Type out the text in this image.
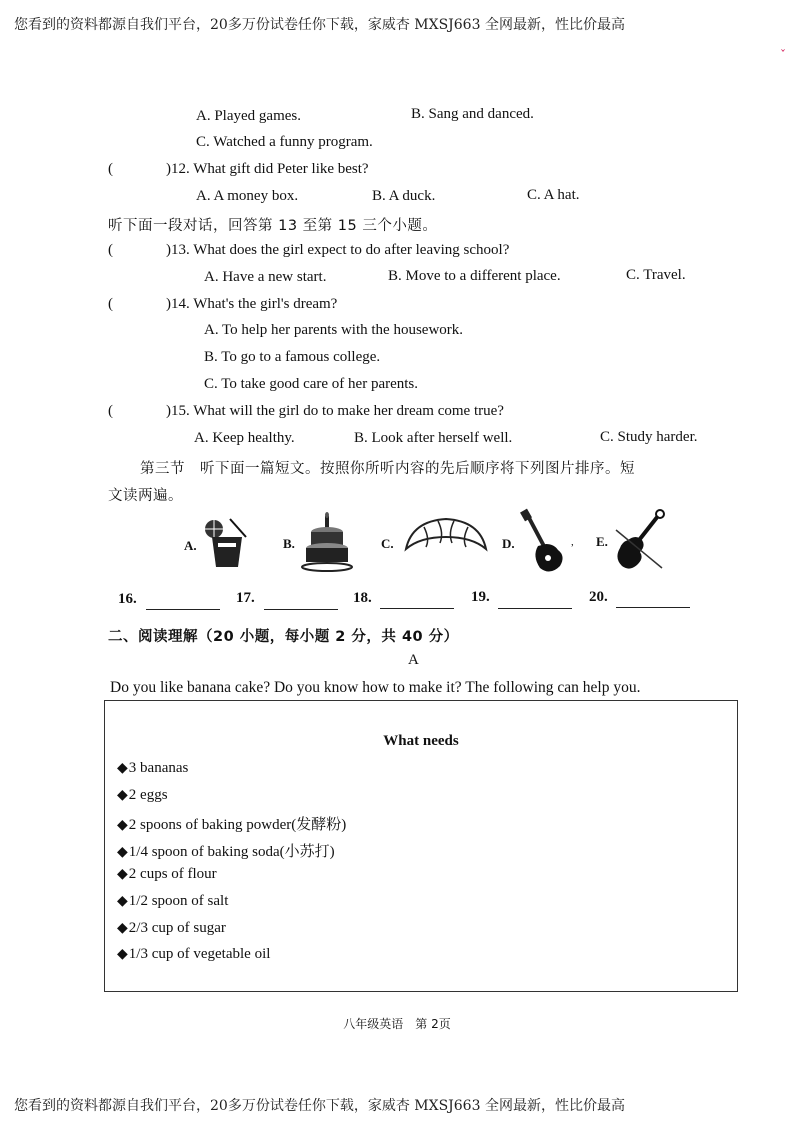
您看到的资料都源自我们平台，20多万份试卷任你下载，家威杏 MXSJ663 全网最新，性比价最高
ˇ
A. Played games.	B. Sang and danced.
C. Watched a funny program.
(	)12. What gift did Peter like best?
A. A money box.	B. A duck.	C. A hat.
听下面一段对话，回答第 13 至第 15 三个小题。
(	)13. What does the girl expect to do after leaving school?
A. Have a new start.	B. Move to a different place.	C. Travel.
(	)14. What's the girl's dream?
A. To help her parents with the housework.
B. To go to a famous college.
C. To take good care of her parents.
(	)15. What will the girl do to make her dream come true?
A. Keep healthy.	B. Look after herself well.	C. Study harder.
第三节　听下面一篇短文。按照你所听内容的先后顺序将下列图片排序。短
文读两遍。
A.	B.	C.	D.	, E.
16.	17.	18.	19.	20.
二、阅读理解（20 小题，每小题 2 分，共 40 分）
A
Do you like banana cake? Do you know how to make it? The following can help you.
What needs
◆3 bananas
◆2 eggs
◆2 spoons of baking powder(发酵粉)
◆1/4 spoon of baking soda(小苏打)
◆2 cups of flour
◆1/2 spoon of salt
◆2/3 cup of sugar
◆1/3 cup of vegetable oil
八年级英语　第 2页
您看到的资料都源自我们平台，20多万份试卷任你下载，家威杏 MXSJ663 全网最新，性比价最高
